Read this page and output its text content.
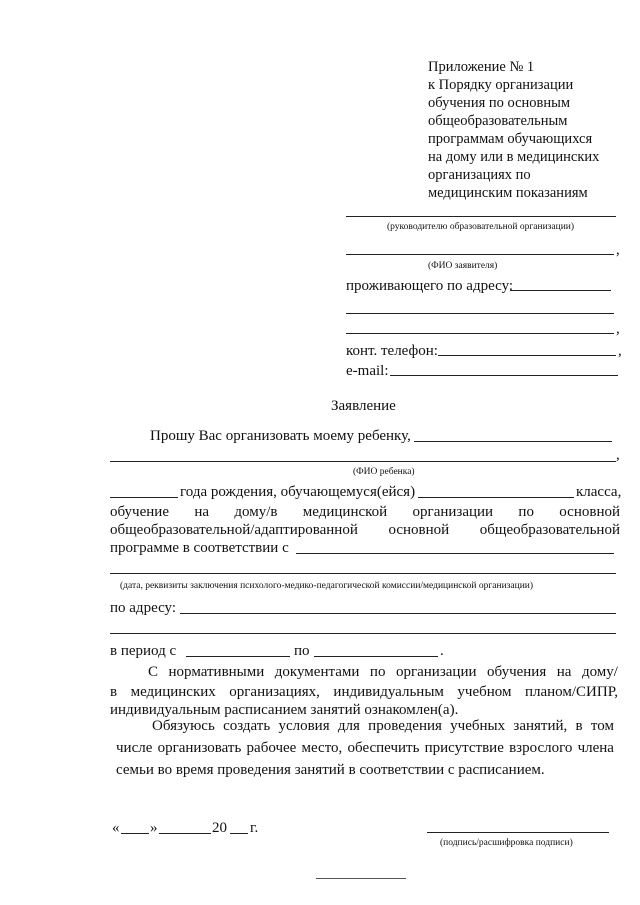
Приложение № 1
к Порядку организации
обучения по основным
общеобразовательным
программам обучающихся
на дому или в медицинских
организациях по
медицинским показаниям
(руководителю образовательной организации)
,
(ФИО заявителя)
проживающего по адресу:
,
конт. телефон:	,
e-mail:
Заявление
Прошу Вас организовать моему ребенку,
,
(ФИО ребенка)
года рождения, обучающемуся(ейся)	класса,
обучение на дому/в медицинской организации по основной
общеобразовательной/адаптированной основной общеобразовательной
программе в соответствии с
(дата, реквизиты заключения психолого-медико-педагогической комиссии/медицинской организации)
по адресу:
в период с	по	.
С нормативными документами по организации обучения на дому/
в медицинских организациях, индивидуальным учебном планом/СИПР,
индивидуальным расписанием занятий ознакомлен(а).
Обязуюсь создать условия для проведения учебных занятий, в том
числе организовать рабочее место, обеспечить присутствие взрослого члена
семьи во время проведения занятий в соответствии с расписанием.
« »	20 г.
(подпись/расшифровка подписи)
